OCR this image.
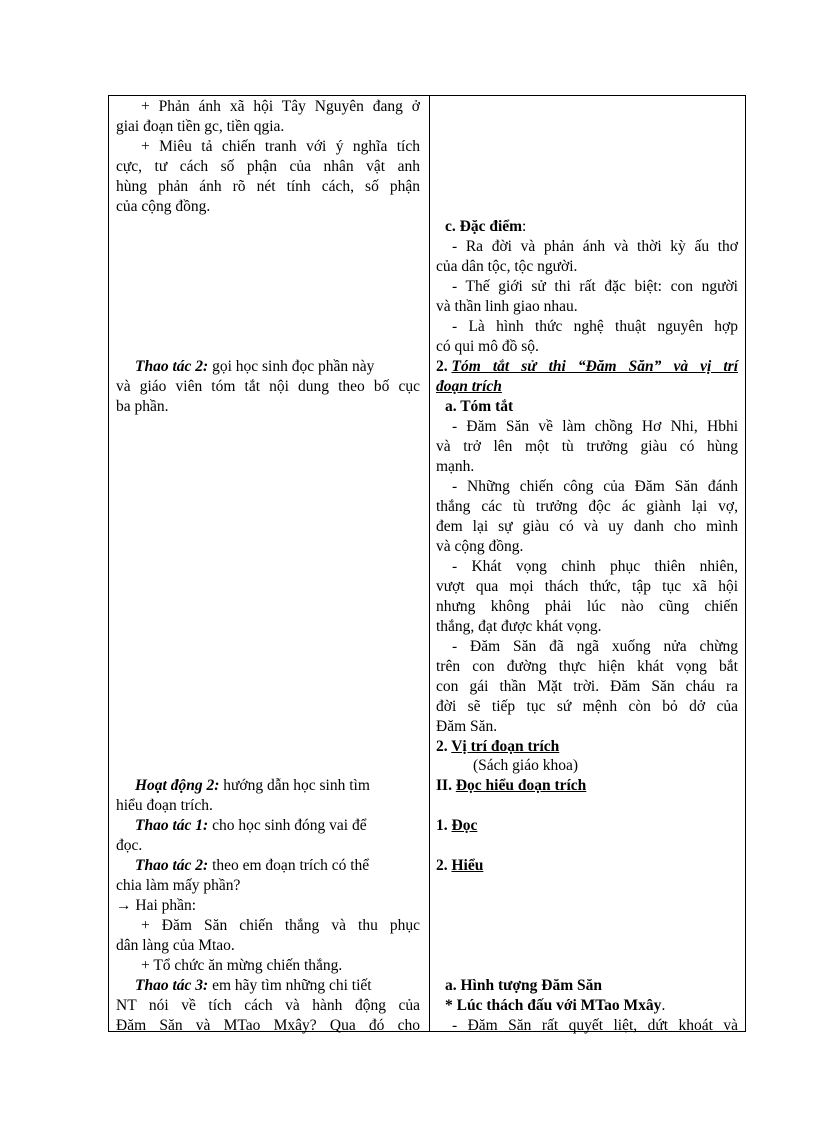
+ Phản ánh xã hội Tây Nguyên đang ở
giai đoạn tiền gc, tiền qgia.
+ Miêu tả chiến tranh với ý nghĩa tích
cực, tư cách số phận của nhân vật anh
hùng phản ánh rõ nét tính cách, số phận
của cộng đồng.
Thao tác 2: gọi học sinh đọc phần này
và giáo viên tóm tắt nội dung theo bố cục
ba phần.
Hoạt động 2: hướng dẫn học sinh tìm
hiểu đoạn trích.
Thao tác 1: cho học sinh đóng vai để
đọc.
Thao tác 2: theo em đoạn trích có thể
chia làm mấy phần?
→ Hai phần:
+ Đăm Săn chiến thắng và thu phục
dân làng của Mtao.
+ Tổ chức ăn mừng chiến thắng.
Thao tác 3: em hãy tìm những chi tiết
NT nói về tích cách và hành động của
Đăm Săn và MTao Mxây? Qua đó cho
c. Đặc điểm:
- Ra đời và phản ánh và thời kỳ ấu thơ
của dân tộc, tộc người.
- Thế giới sử thi rất đặc biệt: con người
và thần linh giao nhau.
- Là hình thức nghệ thuật nguyên hợp
có qui mô đồ sộ.
2. Tóm tắt sử thi “Đăm Săn” và vị trí
đoạn trích
a. Tóm tắt
- Đăm Săn về làm chồng Hơ Nhi, Hbhi
và trở lên một tù trưởng giàu có hùng
mạnh.
- Những chiến công của Đăm Săn đánh
thắng các tù trưởng độc ác giành lại vợ,
đem lại sự giàu có và uy danh cho mình
và cộng đồng.
- Khát vọng chinh phục thiên nhiên,
vượt qua mọi thách thức, tập tục xã hội
nhưng không phải lúc nào cũng chiến
thắng, đạt được khát vọng.
- Đăm Săn đã ngã xuống nửa chừng
trên con đường thực hiện khát vọng bắt
con gái thần Mặt trời. Đăm Săn cháu ra
đời sẽ tiếp tục sứ mệnh còn bỏ dở của
Đăm Săn.
2. Vị trí đoạn trích
(Sách giáo khoa)
II. Đọc hiểu đoạn trích
1. Đọc
2. Hiểu
a. Hình tượng Đăm Săn
* Lúc thách đấu với MTao Mxây.
- Đăm Săn rất quyết liệt, dứt khoát và
